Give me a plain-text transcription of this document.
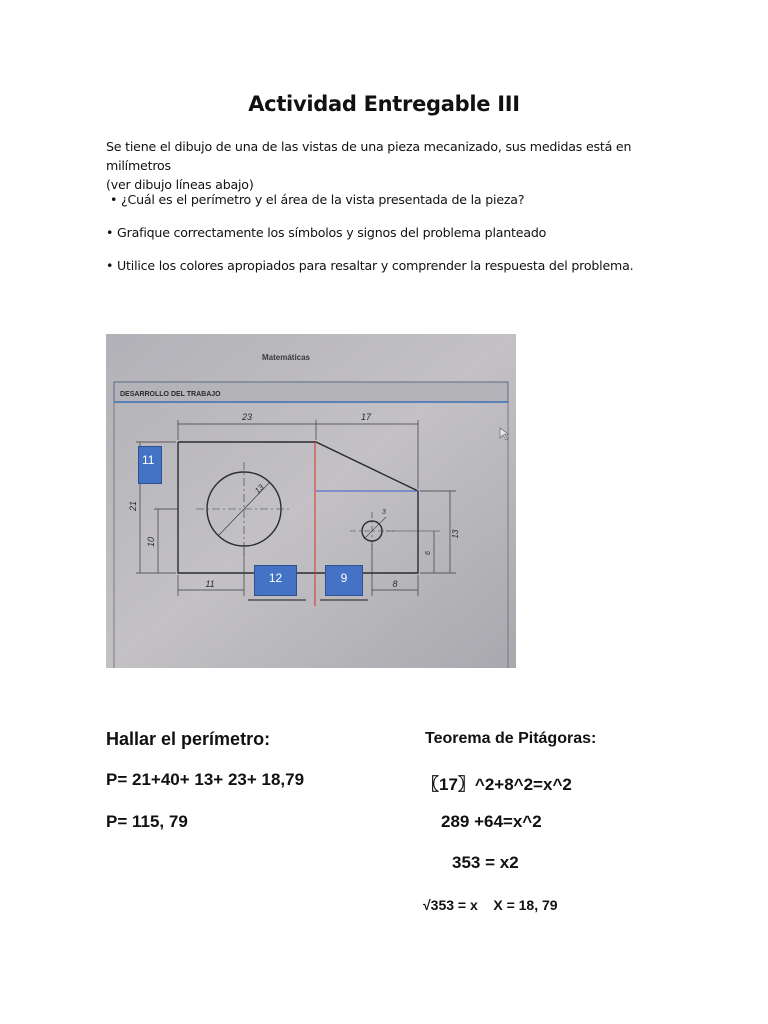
Actividad Entregable III
Se tiene el dibujo de una de las vistas de una pieza mecanizado, sus medidas está en milímetros
(ver dibujo líneas abajo)
• ¿Cuál es el perímetro y el área de la vista presentada de la pieza?
• Grafique correctamente los símbolos y signos del problema planteado
• Utilice los colores apropiados para resaltar y comprender la respuesta del problema.
Matemáticas
DESARROLLO DEL TRABAJO
23	17
21
10
13
3
13
6
11	8
11
12	9
Hallar el perímetro:
P= 21+40+ 13+ 23+ 18,79
P= 115, 79
Teorema de Pitágoras:
〖17〗^2+8^2=x^2
289 +64=x^2
353 = x2
√353 = x    X = 18, 79
